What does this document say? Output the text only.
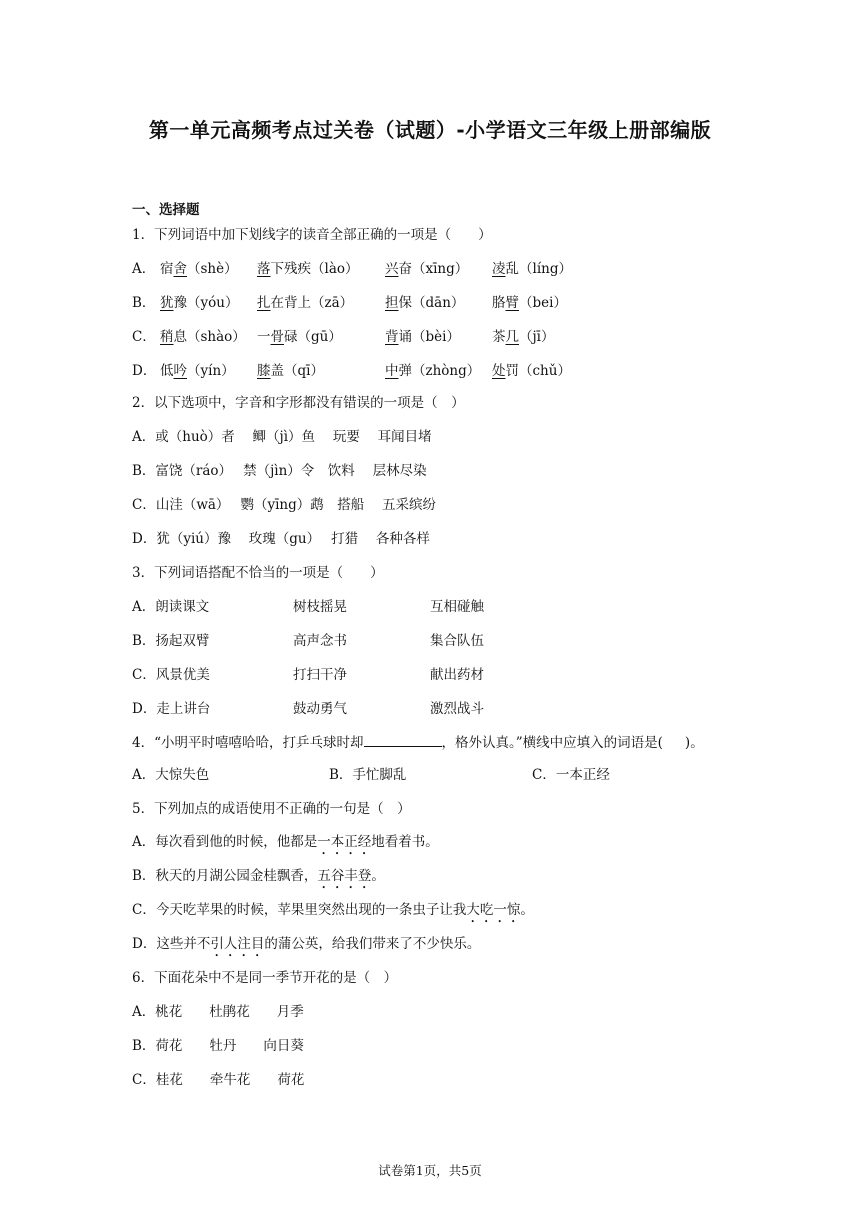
第一单元高频考点过关卷（试题）-小学语文三年级上册部编版
一、选择题
1．下列词语中加下划线字的读音全部正确的一项是（　　）
A． 宿舍（shè） 落下残疾（lào） 兴奋（xīng） 凌乱（líng）
B． 犹豫（yóu） 扎在背上（zā） 担保（dān） 胳臂（bei）
C． 稍息（shào） 一骨碌（gū）	背诵（bèi） 茶几（jī）
D． 低吟（yín） 膝盖（qī）	中弹（zhòng） 处罚（chǔ）
2．以下选项中，字音和字形都没有错误的一项是（　）
A．或（huò）者　 鲫（jì）鱼　 玩要　 耳闻目堵
B．富饶（ráo）　 禁（jìn）令　饮料　 层林尽染
C．山洼（wā）　 鹦（yīng）鹉　搭船　 五采缤纷
D．犹（yiú）豫　 玫瑰（gu）　 打猎　 各种各样
3．下列词语搭配不恰当的一项是（　　）
A．朗读课文	树枝摇晃	互相碰触
B．扬起双臂	高声念书	集合队伍
C．风景优美	打扫干净	献出药材
D．走上讲台	鼓动勇气	激烈战斗
4．“小明平时嘻嘻哈哈，打乒乓球时却	，格外认真。”横线中应填入的词语是( )。
A．大惊失色	B．手忙脚乱	C．一本正经
5．下列加点的成语使用不正确的一句是（　）
A．每次看到他的时候，他都是一本正经地看着书。
B．秋天的月湖公园金桂飘香，五谷丰登。
C．今天吃苹果的时候，苹果里突然出现的一条虫子让我大吃一惊。
D．这些并不引人注目的蒲公英，给我们带来了不少快乐。
6．下面花朵中不是同一季节开花的是（　）
A．桃花　　杜鹃花　　月季
B．荷花　　牡丹　　向日葵
C．桂花　　牵牛花　　荷花
试卷第1页，共5页
